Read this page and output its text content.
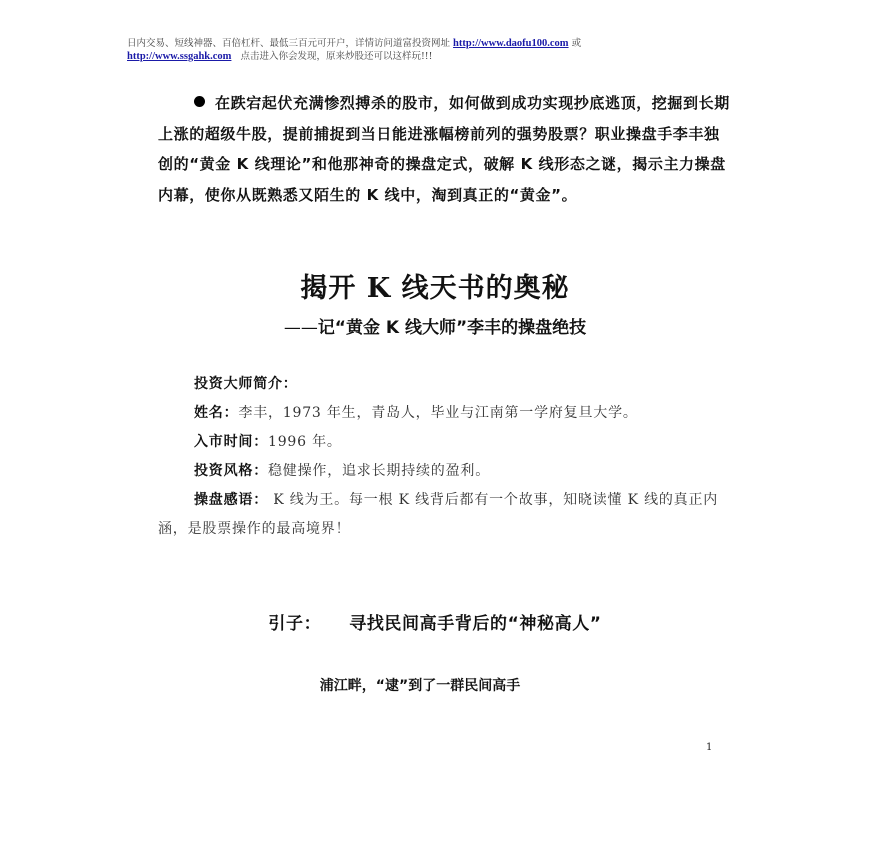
日内交易、短线神器、百倍杠杆、最低三百元可开户，详情访问道富投资网址 http://www.daofu100.com 或
http://www.ssgahk.com 点击进入你会发现，原来炒股还可以这样玩!!!
在跌宕起伏充满惨烈搏杀的股市，如何做到成功实现抄底逃顶，挖掘到长期上涨的超级牛股，提前捕捉到当日能进涨幅榜前列的强势股票？职业操盘手李丰独创的“黄金 K 线理论”和他那神奇的操盘定式，破解 K 线形态之谜，揭示主力操盘内幕，使你从既熟悉又陌生的 K 线中，淘到真正的“黄金”。
揭开 K 线天书的奥秘
——记“黄金 K 线大师”李丰的操盘绝技
投资大师简介：
姓名：李丰，1973 年生，青岛人，毕业与江南第一学府复旦大学。
入市时间：1996 年。
投资风格：稳健操作，追求长期持续的盈利。
操盘感语： K 线为王。每一根 K 线背后都有一个故事，知晓读懂 K 线的真正内涵，是股票操作的最高境界！
引子： 寻找民间高手背后的“神秘高人”
浦江畔，“逮”到了一群民间高手
1
